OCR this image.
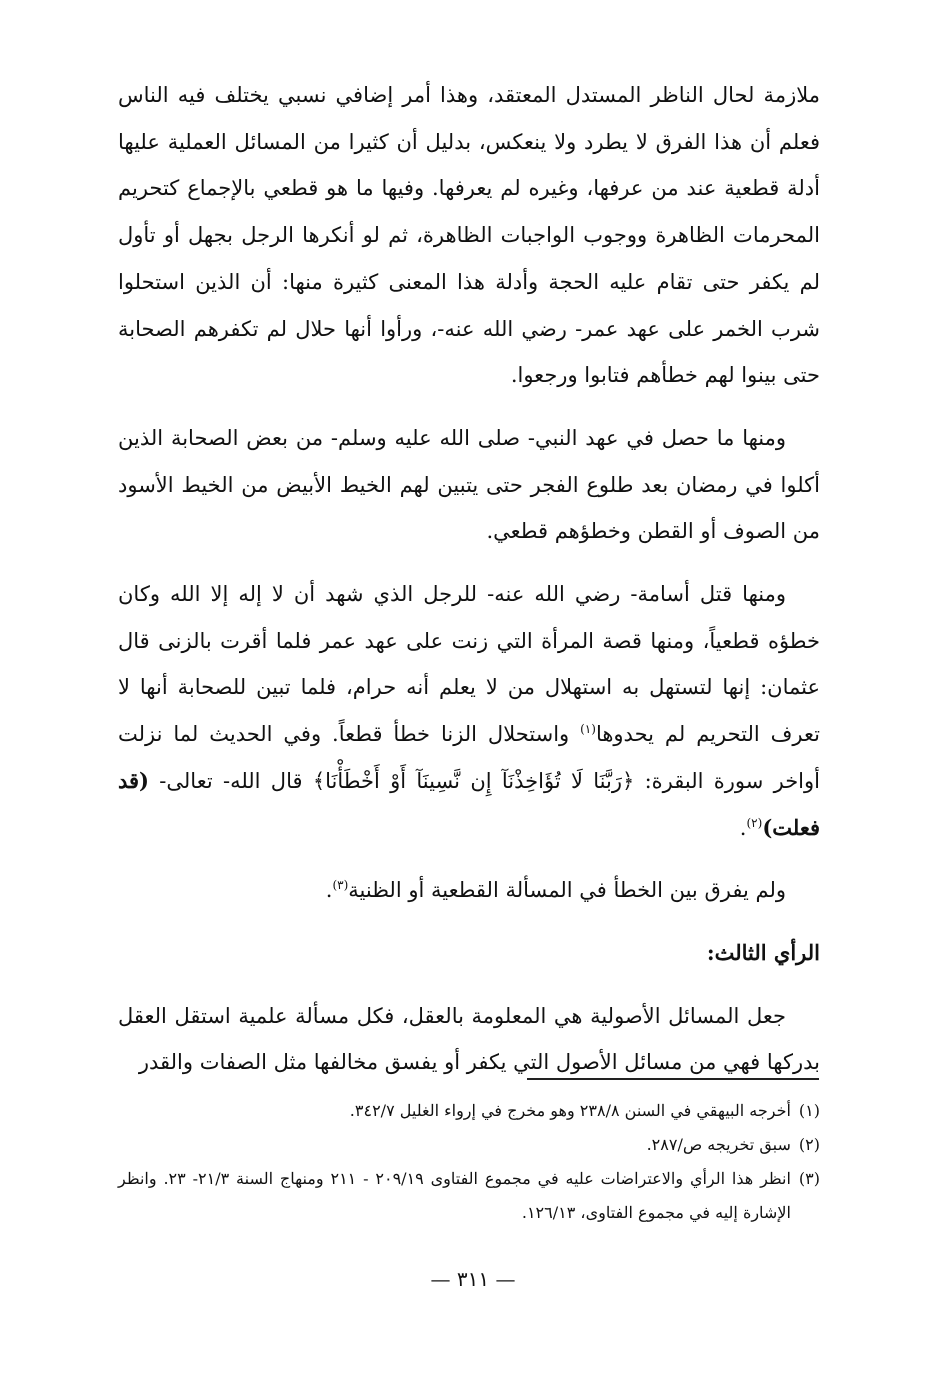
ملازمة لحال الناظر المستدل المعتقد، وهذا أمر إضافي نسبي يختلف فيه الناس فعلم أن هذا الفرق لا يطرد ولا ينعكس، بدليل أن كثيرا من المسائل العملية عليها أدلة قطعية عند من عرفها، وغيره لم يعرفها. وفيها ما هو قطعي بالإجماع كتحريم المحرمات الظاهرة ووجوب الواجبات الظاهرة، ثم لو أنكرها الرجل بجهل أو تأول لم يكفر حتى تقام عليه الحجة وأدلة هذا المعنى كثيرة منها: أن الذين استحلوا شرب الخمر على عهد عمر- رضي الله عنه-، ورأوا أنها حلال لم تكفرهم الصحابة حتى بينوا لهم خطأهم فتابوا ورجعوا.

ومنها ما حصل في عهد النبي- صلى الله عليه وسلم- من بعض الصحابة الذين أكلوا في رمضان بعد طلوع الفجر حتى يتبين لهم الخيط الأبيض من الخيط الأسود من الصوف أو القطن وخطؤهم قطعي.

ومنها قتل أسامة- رضي الله عنه- للرجل الذي شهد أن لا إله إلا الله وكان خطؤه قطعياً، ومنها قصة المرأة التي زنت على عهد عمر فلما أقرت بالزنى قال عثمان: إنها لتستهل به استهلال من لا يعلم أنه حرام، فلما تبين للصحابة أنها لا تعرف التحريم لم يحدوها$^{(١)}$ واستحلال الزنا خطأ قطعاً. وفي الحديث لما نزلت أواخر سورة البقرة: ﴿رَبَّنَا لَا تُؤَاخِذْنَآ إِن نَّسِينَآ أَوْ أَخْطَأْنَا﴾ قال الله- تعالى- (قد فعلت)$^{(٢)}$.

ولم يفرق بين الخطأ في المسألة القطعية أو الظنية$^{(٣)}$.

الرأي الثالث:

جعل المسائل الأصولية هي المعلومة بالعقل، فكل مسألة علمية استقل العقل بدركها فهي من مسائل الأصول التي يكفر أو يفسق مخالفها مثل الصفات والقدر

(١)
أخرجه البيهقي في السنن ٢٣٨/٨ وهو مخرج في إرواء الغليل ٣٤٢/٧.

(٢)
سبق تخريجه ص/٢٨٧.

(٣)
انظر هذا الرأي والاعتراضات عليه في مجموع الفتاوى ٢٠٩/١٩ - ٢١١ ومنهاج السنة ٢١/٣- ٢٣. وانظر الإشارة إليه في مجموع الفتاوى، ١٢٦/١٣.

— ٣١١ —
